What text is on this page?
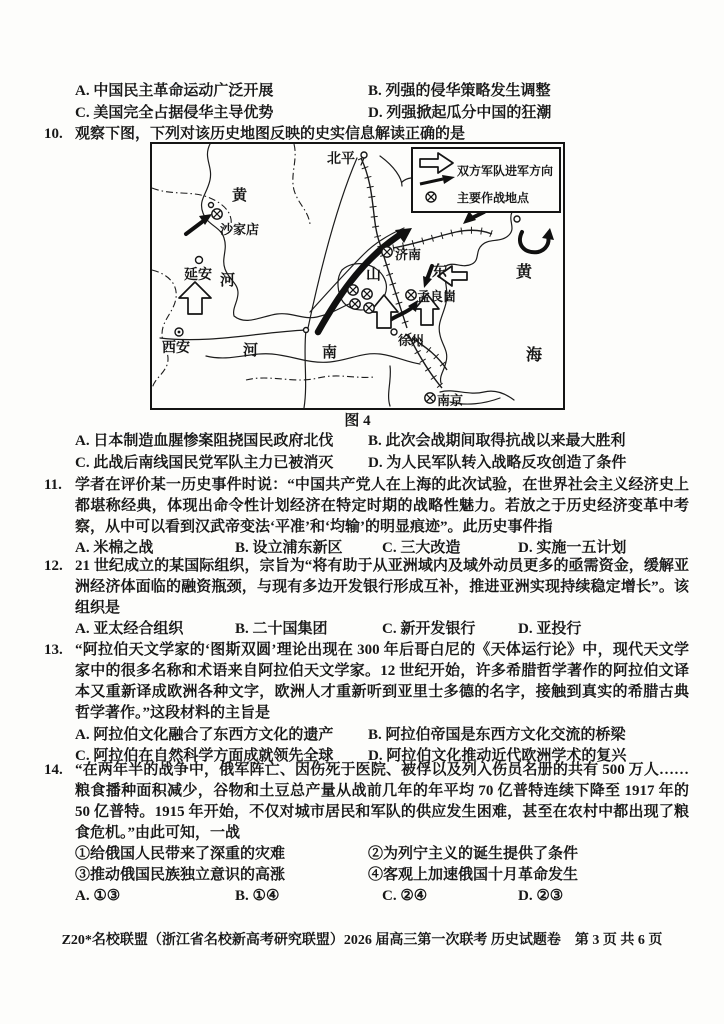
A. 中国民主革命运动广泛开展	B. 列强的侵华策略发生调整
C. 美国完全占据侵华主导优势	D. 列强掀起瓜分中国的狂潮
10. 观察下图，下列对该历史地图反映的史实信息解读正确的是
北平
黄
河
沙家店
延安
西安	河	南
山	东
济南
孟良崮
徐州
南京
黄
海
双方军队进军方向
主要作战地点
图 4
A. 日本制造血腥惨案阻挠国民政府北伐	B. 此次会战期间取得抗战以来最大胜利
C. 此战后南线国民党军队主力已被消灭	D. 为人民军队转入战略反攻创造了条件
11. 学者在评价某一历史事件时说：“中国共产党人在上海的此次试验，在世界社会主义经济史上都堪称经典，体现出命令性计划经济在特定时期的战略性魅力。若放之于历史经济变革中考察，从中可以看到汉武帝变法‘平准’和‘均输’的明显痕迹”。此历史事件指
A. 米棉之战	B. 设立浦东新区	C. 三大改造	D. 实施一五计划
12. 21 世纪成立的某国际组织，宗旨为“将有助于从亚洲域内及域外动员更多的亟需资金，缓解亚洲经济体面临的融资瓶颈，与现有多边开发银行形成互补，推进亚洲实现持续稳定增长”。该组织是
A. 亚太经合组织	B. 二十国集团	C. 新开发银行	D. 亚投行
13. “阿拉伯天文学家的‘图斯双圆’理论出现在 300 年后哥白尼的《天体运行论》中，现代天文学家中的很多名称和术语来自阿拉伯天文学家。12 世纪开始，许多希腊哲学著作的阿拉伯文译本又重新译成欧洲各种文字，欧洲人才重新听到亚里士多德的名字，接触到真实的希腊古典哲学著作。”这段材料的主旨是
A. 阿拉伯文化融合了东西方文化的遗产	B. 阿拉伯帝国是东西方文化交流的桥梁
C. 阿拉伯在自然科学方面成就领先全球	D. 阿拉伯文化推动近代欧洲学术的复兴
14. “在两年半的战争中，俄军阵亡、因伤死于医院、被俘以及列入伤员名册的共有 500 万人……粮食播种面积减少，谷物和土豆总产量从战前几年的年平均 70 亿普特连续下降至 1917 年的 50 亿普特。1915 年开始，不仅对城市居民和军队的供应发生困难，甚至在农村中都出现了粮食危机。”由此可知，一战
①给俄国人民带来了深重的灾难	②为列宁主义的诞生提供了条件
③推动俄国民族独立意识的高涨	④客观上加速俄国十月革命发生
A. ①③	B. ①④	C. ②④	D. ②③
Z20*名校联盟（浙江省名校新高考研究联盟）2026 届高三第一次联考 历史试题卷　第 3 页 共 6 页
